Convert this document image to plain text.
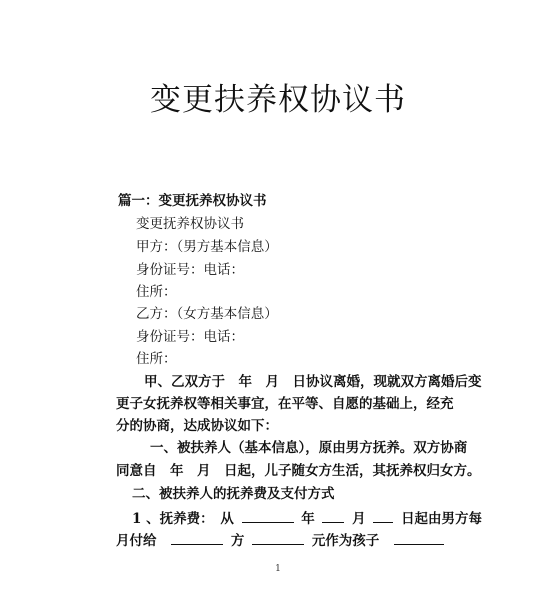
变更扶养权协议书
篇一：变更抚养权协议书
变更抚养权协议书
甲方：（男方基本信息）
身份证号：电话：
住所：
乙方：（女方基本信息）
身份证号：电话：
住所：
甲、乙双方于　年　月　日协议离婚，现就双方离婚后变
更子女抚养权等相关事宜，在平等、自愿的基础上，经充
分的协商，达成协议如下：
一、被扶养人（基本信息），原由男方抚养。双方协商
同意自　年　月　日起，儿子随女方生活，其抚养权归女方。
二、被扶养人的抚养费及支付方式
1 、抚养费：　从	年	月	日起由男方每
月付给	方	元作为孩子
1
